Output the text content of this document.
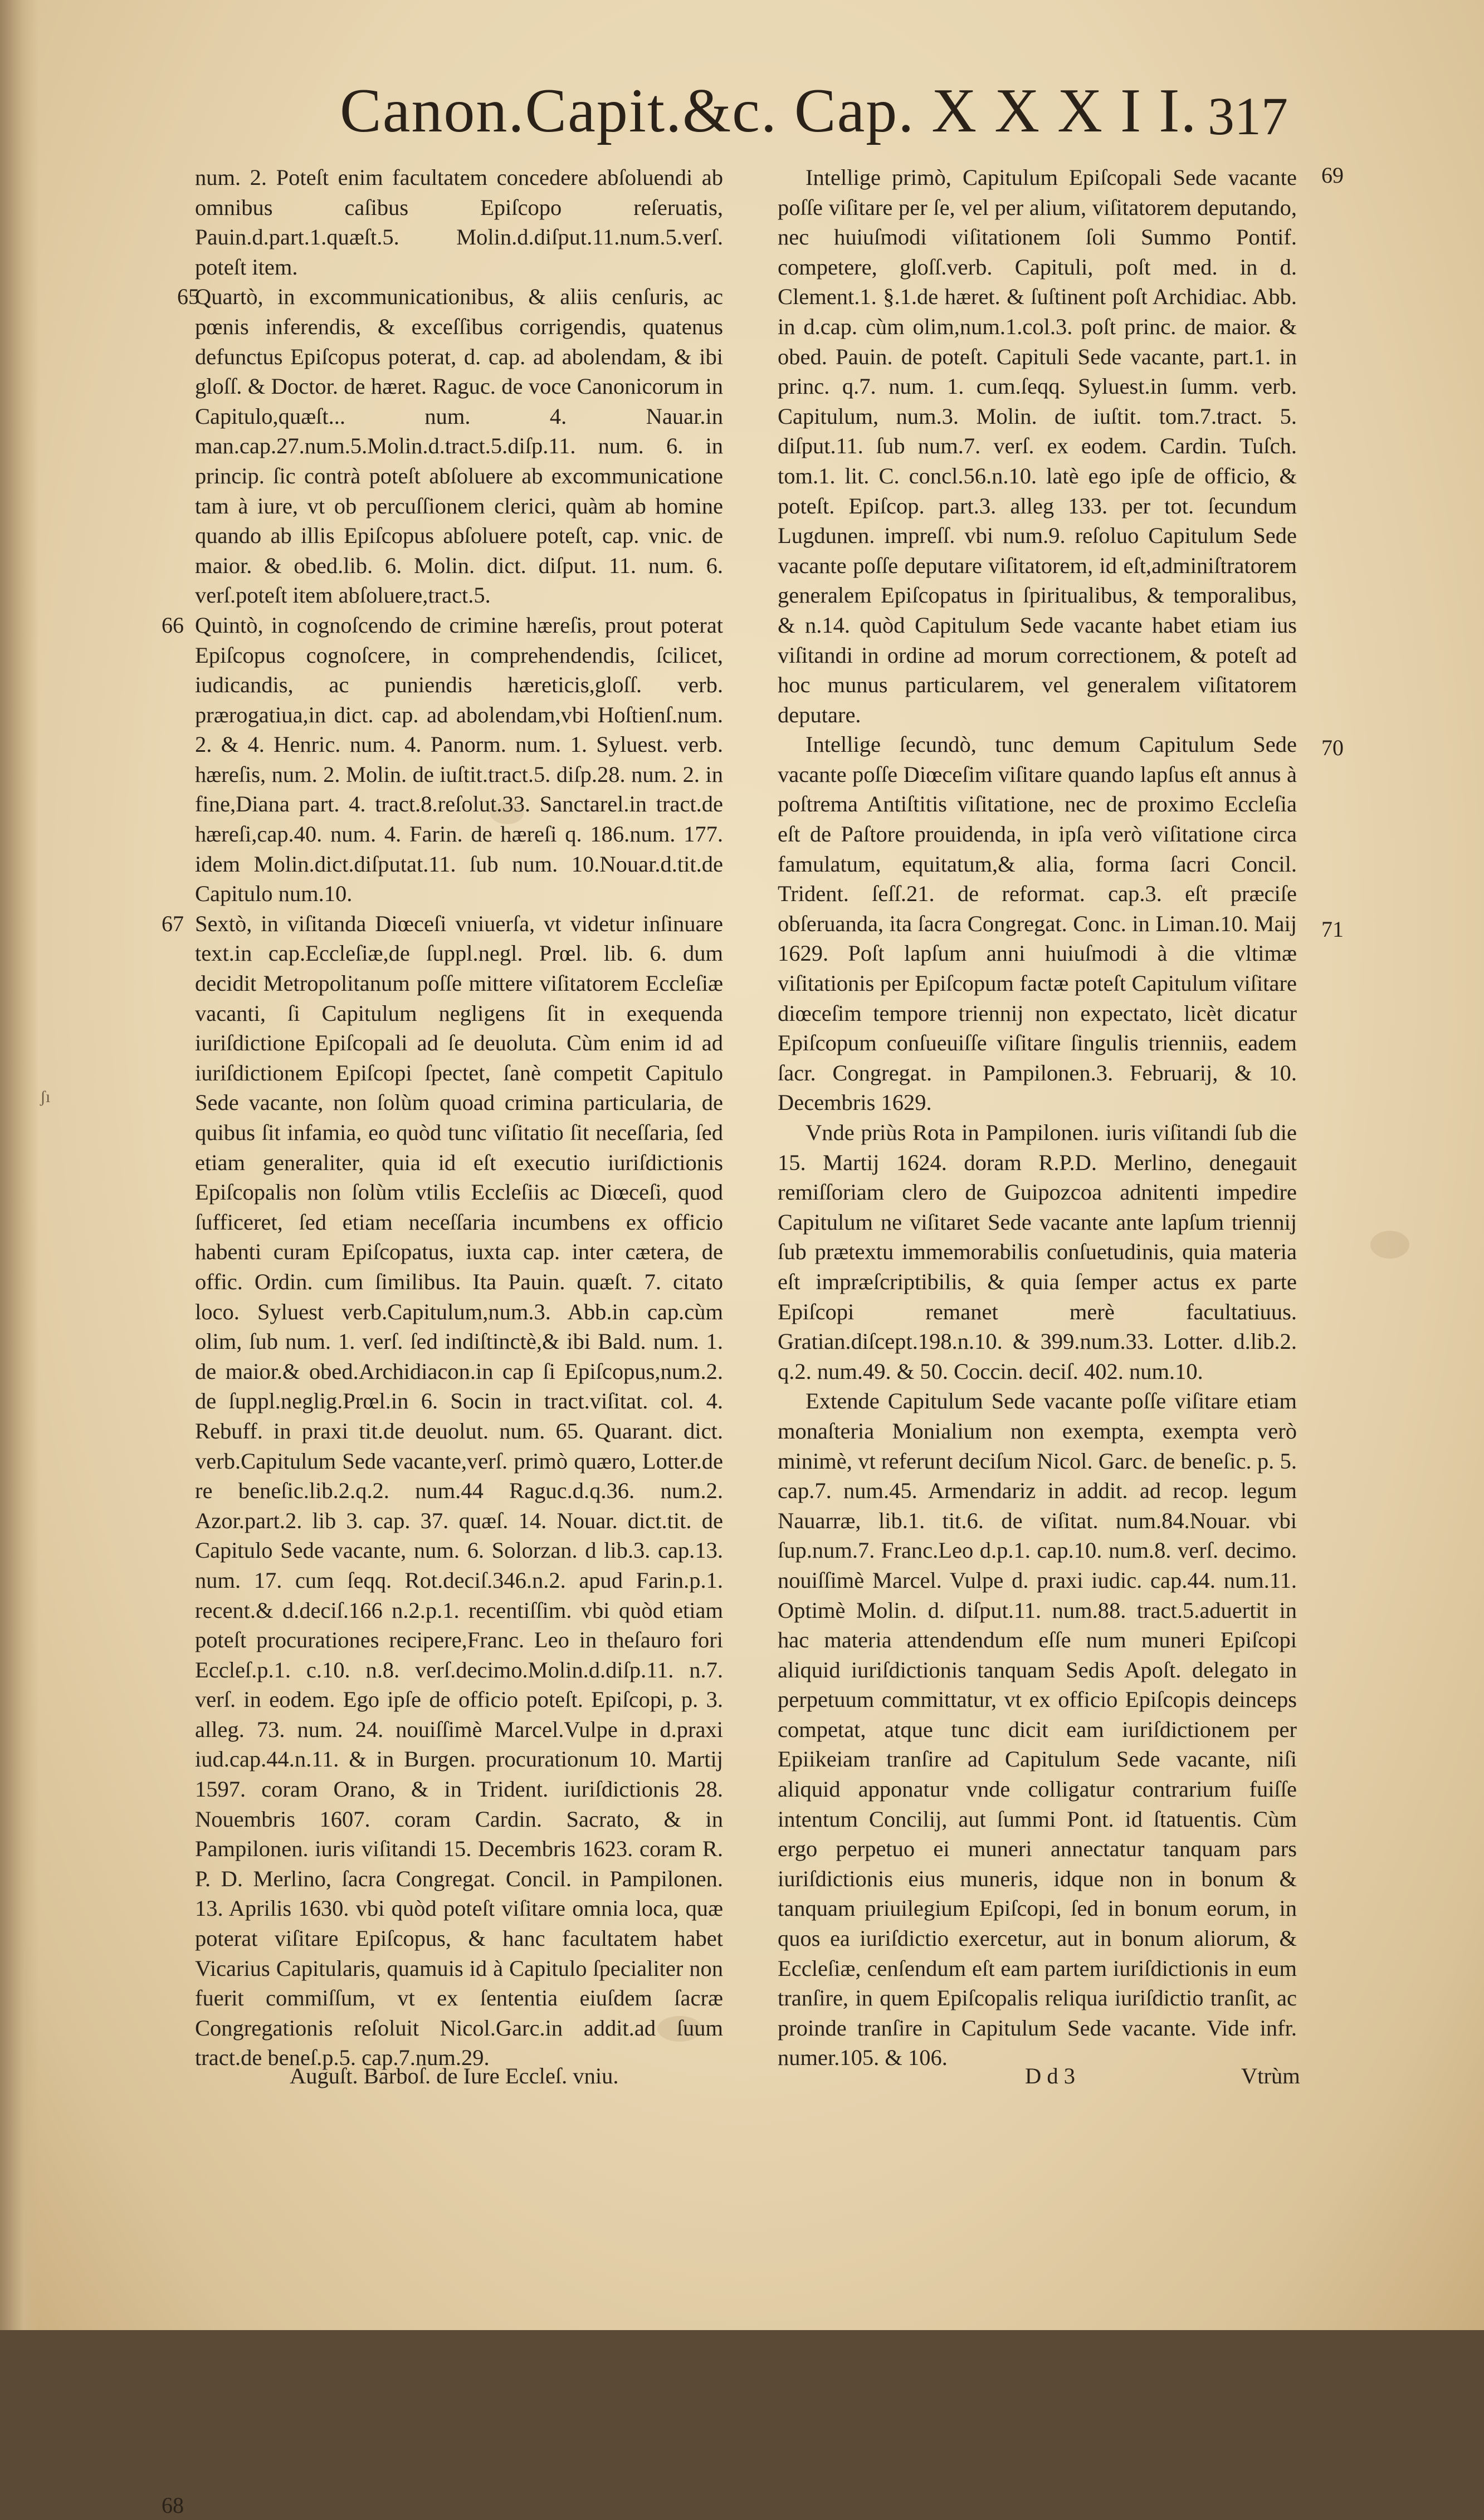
ʃı
Canon.Capit.&c. Cap. X X X I I. 317

num. 2. Poteſt enim facultatem concedere abſoluendi ab omnibus caſibus Epiſcopo reſeruatis, Pauin.d.part.1.quæſt.5. Molin.d.diſput.11.num.5.verſ. poteſt item.

65
Quartò, in excommunicationibus, & aliis cenſuris, ac pœnis inferendis, & exceſſibus corrigendis, quatenus defunctus Epiſcopus poterat, d. cap. ad abolendam, & ibi gloſſ. & Doctor. de hæret. Raguc. de voce Canonicorum in Capitulo,quæſt... num. 4. Nauar.in man.cap.27.num.5.Molin.d.tract.5.diſp.11. num. 6. in princip. ſic contrà poteſt abſoluere ab excommunicatione tam à iure, vt ob percuſſionem clerici, quàm ab homine quando ab illis Epiſcopus abſoluere poteſt, cap. vnic. de maior. & obed.lib. 6. Molin. dict. diſput. 11. num. 6. verſ.poteſt item abſoluere,tract.5.

66 Quintò, in cognoſcendo de crimine hæreſis, prout poterat Epiſcopus cognoſcere, in comprehendendis, ſcilicet, iudicandis, ac puniendis hæreticis,gloſſ. verb. prærogatiua,in dict. cap. ad abolendam,vbi Hoſtienſ.num. 2. & 4. Henric. num. 4. Panorm. num. 1. Syluest. verb. hæreſis, num. 2. Molin. de iuſtit.tract.5. diſp.28. num. 2. in fine,Diana part. 4. tract.8.reſolut.33. Sanctarel.in tract.de hæreſi,cap.40. num. 4. Farin. de hæreſi q. 186.num. 177. idem Molin.dict.diſputat.11. ſub num. 10.Nouar.d.tit.de Capitulo num.10.

67
68
Sextò, in viſitanda Diœceſi vniuerſa, vt videtur inſinuare text.in cap.Eccleſiæ,de ſuppl.negl. Prœl. lib. 6. dum decidit Metropolitanum poſſe mittere viſitatorem Eccleſiæ vacanti, ſi Capitulum negligens ſit in exequenda iuriſdictione Epiſcopali ad ſe deuoluta. Cùm enim id ad iuriſdictionem Epiſcopi ſpectet, ſanè competit Capitulo Sede vacante, non ſolùm quoad crimina particularia, de quibus ſit infamia, eo quòd tunc viſitatio ſit neceſſaria, ſed etiam generaliter, quia id eſt executio iuriſdictionis Epiſcopalis non ſolùm vtilis Eccleſiis ac Diœceſi, quod ſufficeret, ſed etiam neceſſaria incumbens ex officio habenti curam Epiſcopatus, iuxta cap. inter cætera, de offic. Ordin. cum ſimilibus. Ita Pauin. quæſt. 7. citato loco. Syluest verb.Capitulum,num.3. Abb.in cap.cùm olim, ſub num. 1. verſ. ſed indiſtinctè,& ibi Bald. num. 1. de maior.& obed.Archidiacon.in cap ſi Epiſcopus,num.2. de ſuppl.neglig.Prœl.in 6. Socin in tract.viſitat. col. 4. Rebuff. in praxi tit.de deuolut. num. 65. Quarant. dict. verb.Capitulum Sede vacante,verſ. primò quæro, Lotter.de re beneſic.lib.2.q.2. num.44 Raguc.d.q.36. num.2. Azor.part.2. lib 3. cap. 37. quæſ. 14. Nouar. dict.tit. de Capitulo Sede vacante, num. 6. Solorzan. d lib.3. cap.13. num. 17. cum ſeqq. Rot.deciſ.346.n.2. apud Farin.p.1. recent.& d.deciſ.166 n.2.p.1. recentiſſim. vbi quòd etiam poteſt procurationes recipere,Franc. Leo in theſauro fori Eccleſ.p.1. c.10. n.8. verſ.decimo.Molin.d.diſp.11. n.7. verſ. in eodem. Ego ipſe de officio poteſt. Epiſcopi, p. 3. alleg. 73. num. 24. nouiſſimè Marcel.Vulpe in d.praxi iud.cap.44.n.11. & in Burgen. procurationum 10. Martij 1597. coram Orano, & in Trident. iuriſdictionis 28. Nouembris 1607. coram Cardin. Sacrato, & in Pampilonen. iuris viſitandi 15. Decembris 1623. coram R. P. D. Merlino, ſacra Congregat. Concil. in Pampilonen. 13. Aprilis 1630. vbi quòd poteſt viſitare omnia loca, quæ poterat viſitare Epiſcopus, & hanc facultatem habet Vicarius Capitularis, quamuis id à Capitulo ſpecialiter non fuerit commiſſum, vt ex ſententia eiuſdem ſacræ Congregationis reſoluit Nicol.Garc.in addit.ad ſuum tract.de beneſ.p.5. cap.7.num.29.

69
Intellige primò, Capitulum Epiſcopali Sede vacante poſſe viſitare per ſe, vel per alium, viſitatorem deputando, nec huiuſmodi viſitationem ſoli Summo Pontif. competere, gloſſ.verb. Capituli, poſt med. in d. Clement.1. §.1.de hæret. & ſuſtinent poſt Archidiac. Abb. in d.cap. cùm olim,num.1.col.3. poſt princ. de maior. & obed. Pauin. de poteſt. Capituli Sede vacante, part.1. in princ. q.7. num. 1. cum.ſeqq. Syluest.in ſumm. verb. Capitulum, num.3. Molin. de iuſtit. tom.7.tract. 5. diſput.11. ſub num.7. verſ. ex eodem. Cardin. Tuſch. tom.1. lit. C. concl.56.n.10. latè ego ipſe de officio, & poteſt. Epiſcop. part.3. alleg 133. per tot. ſecundum Lugdunen. impreſſ. vbi num.9. reſoluo Capitulum Sede vacante poſſe deputare viſitatorem, id eſt,adminiſtratorem generalem Epiſcopatus in ſpiritualibus, & temporalibus, & n.14. quòd Capitulum Sede vacante habet etiam ius viſitandi in ordine ad morum correctionem, & poteſt ad hoc munus particularem, vel generalem viſitatorem deputare.

70
71
Intellige ſecundò, tunc demum Capitulum Sede vacante poſſe Diœceſim viſitare quando lapſus eſt annus à poſtrema Antiſtitis viſitatione, nec de proximo Eccleſia eſt de Paſtore prouidenda, in ipſa verò viſitatione circa famulatum, equitatum,& alia, forma ſacri Concil. Trident. ſeſſ.21. de reformat. cap.3. eſt præciſe obſeruanda, ita ſacra Congregat. Conc. in Liman.10. Maij 1629. Poſt lapſum anni huiuſmodi à die vltimæ viſitationis per Epiſcopum factæ poteſt Capitulum viſitare diœceſim tempore triennij non expectato, licèt dicatur Epiſcopum conſueuiſſe viſitare ſingulis trienniis, eadem ſacr. Congregat. in Pampilonen.3. Februarij, & 10. Decembris 1629.

Vnde priùs Rota in Pampilonen. iuris viſitandi ſub die 15. Martij 1624. doram R.P.D. Merlino, denegauit remiſſoriam clero de Guipozcoa adnitenti impedire Capitulum ne viſitaret Sede vacante ante lapſum triennij ſub prætextu immemorabilis conſuetudinis, quia materia eſt impræſcriptibilis, & quia ſemper actus ex parte Epiſcopi remanet merè facultatiuus. Gratian.diſcept.198.n.10. & 399.num.33. Lotter. d.lib.2. q.2. num.49. & 50. Coccin. deciſ. 402. num.10.

Extende Capitulum Sede vacante poſſe viſitare etiam monaſteria Monialium non exempta, exempta verò minimè, vt referunt deciſum Nicol. Garc. de beneſic. p. 5. cap.7. num.45. Armendariz in addit. ad recop. legum Nauarræ, lib.1. tit.6. de viſitat. num.84.Nouar. vbi ſup.num.7. Franc.Leo d.p.1. cap.10. num.8. verſ. decimo. nouiſſimè Marcel. Vulpe d. praxi iudic. cap.44. num.11. Optimè Molin. d. diſput.11. num.88. tract.5.aduertit in hac materia attendendum eſſe num muneri Epiſcopi aliquid iuriſdictionis tanquam Sedis Apoſt. delegato in perpetuum committatur, vt ex officio Epiſcopis deinceps competat, atque tunc dicit eam iuriſdictionem per Epiikeiam tranſire ad Capitulum Sede vacante, niſi aliquid apponatur vnde colligatur contrarium fuiſſe intentum Concilij, aut ſummi Pont. id ſtatuentis. Cùm ergo perpetuo ei muneri annectatur tanquam pars iuriſdictionis eius muneris, idque non in bonum & tanquam priuilegium Epiſcopi, ſed in bonum eorum, in quos ea iuriſdictio exercetur, aut in bonum aliorum, & Eccleſiæ, cenſendum eſt eam partem iuriſdictionis in eum tranſire, in quem Epiſcopalis reliqua iuriſdictio tranſit, ac proinde tranſire in Capitulum Sede vacante. Vide infr. numer.105. & 106.

Auguſt. Barboſ. de Iure Eccleſ. vniu.	D d 3	Vtrùm
